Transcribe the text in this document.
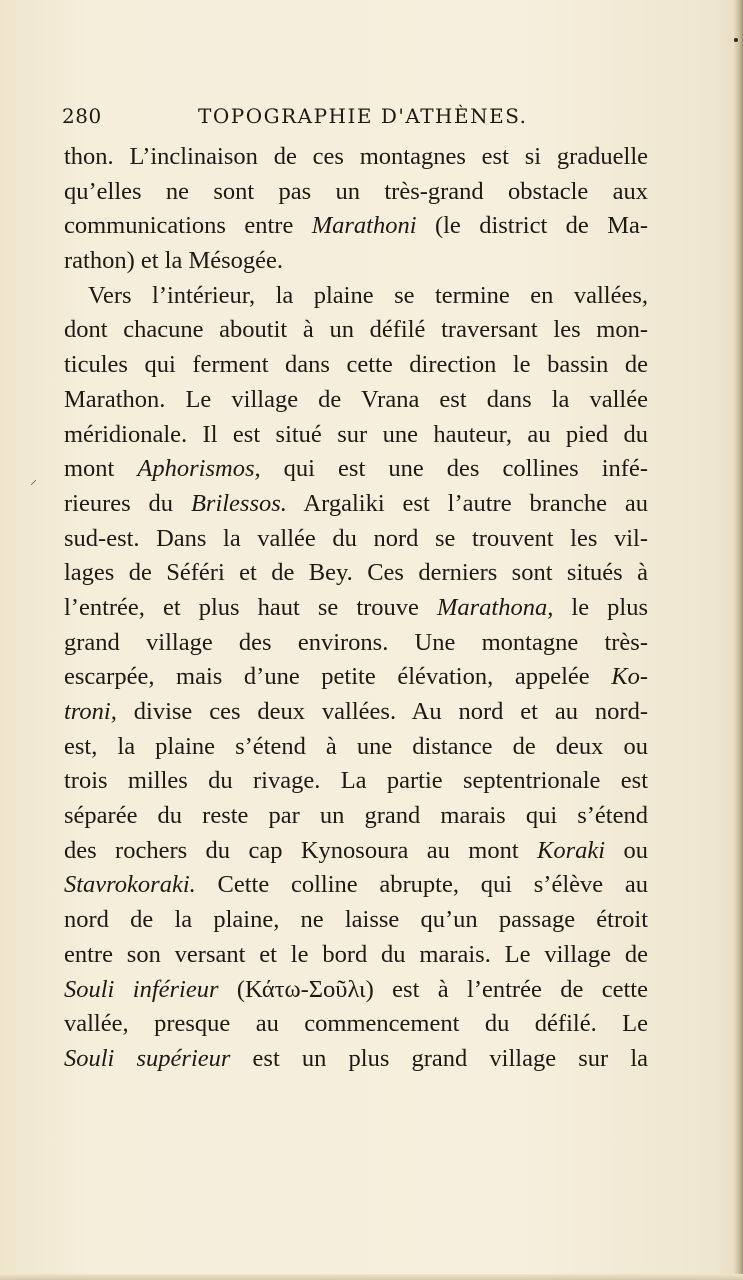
280	TOPOGRAPHIE D'ATHÈNES.
⸝
thon. L’inclinaison de ces montagnes est si graduelle
qu’elles ne sont pas un très-grand obstacle aux
communications entre Marathoni (le district de Ma-
rathon) et la Mésogée.
Vers l’intérieur, la plaine se termine en vallées,
dont chacune aboutit à un défilé traversant les mon-
ticules qui ferment dans cette direction le bassin de
Marathon. Le village de Vrana est dans la vallée
méridionale. Il est situé sur une hauteur, au pied du
mont Aphorismos, qui est une des collines infé-
rieures du Brilessos. Argaliki est l’autre branche au
sud-est. Dans la vallée du nord se trouvent les vil-
lages de Séféri et de Bey. Ces derniers sont situés à
l’entrée, et plus haut se trouve Marathona, le plus
grand village des environs. Une montagne très-
escarpée, mais d’une petite élévation, appelée Ko-
troni, divise ces deux vallées. Au nord et au nord-
est, la plaine s’étend à une distance de deux ou
trois milles du rivage. La partie septentrionale est
séparée du reste par un grand marais qui s’étend
des rochers du cap Kynosoura au mont Koraki ou
Stavrokoraki. Cette colline abrupte, qui s’élève au
nord de la plaine, ne laisse qu’un passage étroit
entre son versant et le bord du marais. Le village de
Souli inférieur (Κάτω-Σοῦλι) est à l’entrée de cette
vallée, presque au commencement du défilé. Le
Souli supérieur est un plus grand village sur la
